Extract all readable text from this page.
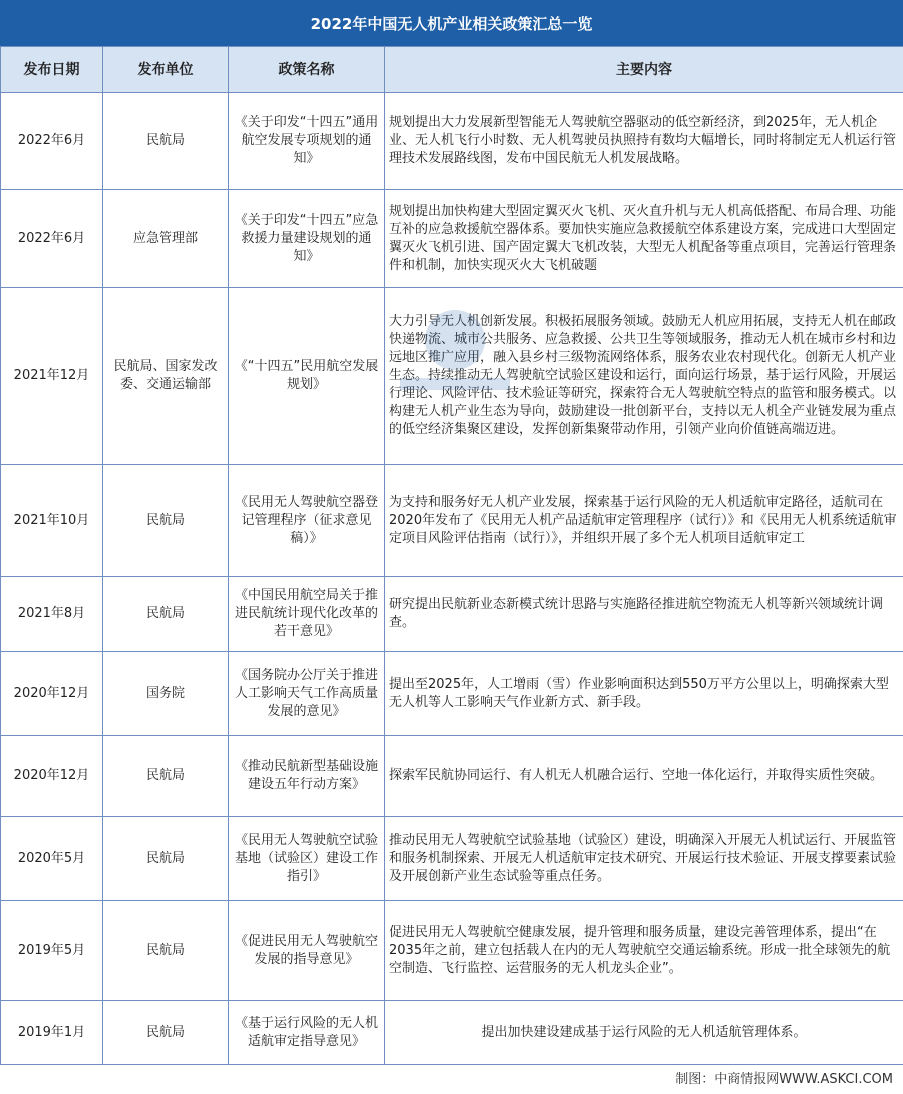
2022年中国无人机产业相关政策汇总一览
发布日期	发布单位	政策名称	主要内容
2022年6月	民航局	《关于印发“十四五”通用航空发展专项规划的通知》	规划提出大力发展新型智能无人驾驶航空器驱动的低空新经济，到2025年，无人机企业、无人机飞行小时数、无人机驾驶员执照持有数均大幅增长，同时将制定无人机运行管理技术发展路线图，发布中国民航无人机发展战略。
2022年6月	应急管理部	《关于印发“十四五”应急救援力量建设规划的通知》	规划提出加快构建大型固定翼灭火飞机、灭火直升机与无人机高低搭配、布局合理、功能互补的应急救援航空器体系。要加快实施应急救援航空体系建设方案，完成进口大型固定翼灭火飞机引进、国产固定翼大飞机改装，大型无人机配备等重点项目，完善运行管理条件和机制，加快实现灭火大飞机破题
2021年12月	民航局、国家发改委、交通运输部	《“十四五”民用航空发展规划》	大力引导无人机创新发展。积极拓展服务领域。鼓励无人机应用拓展，支持无人机在邮政快递物流、城市公共服务、应急救援、公共卫生等领域服务，推动无人机在城市乡村和边远地区推广应用，融入县乡村三级物流网络体系，服务农业农村现代化。创新无人机产业生态。持续推动无人驾驶航空试验区建设和运行，面向运行场景，基于运行风险，开展运行理论、风险评估、技术验证等研究，探索符合无人驾驶航空特点的监管和服务模式。以构建无人机产业生态为导向，鼓励建设一批创新平台，支持以无人机全产业链发展为重点的低空经济集聚区建设，发挥创新集聚带动作用，引领产业向价值链高端迈进。
2021年10月	民航局	《民用无人驾驶航空器登记管理程序（征求意见稿）》	为支持和服务好无人机产业发展，探索基于运行风险的无人机适航审定路径，适航司在2020年发布了《民用无人机产品适航审定管理程序（试行）》和《民用无人机系统适航审定项目风险评估指南（试行）》，并组织开展了多个无人机项目适航审定工
2021年8月	民航局	《中国民用航空局关于推进民航统计现代化改革的若干意见》	研究提出民航新业态新模式统计思路与实施路径推进航空物流无人机等新兴领域统计调查。
2020年12月	国务院	《国务院办公厅关于推进人工影响天气工作高质量发展的意见》	提出至2025年，人工增雨（雪）作业影响面积达到550万平方公里以上，明确探索大型无人机等人工影响天气作业新方式、新手段。
2020年12月	民航局	《推动民航新型基础设施建设五年行动方案》	探索军民航协同运行、有人机无人机融合运行、空地一体化运行，并取得实质性突破。
2020年5月	民航局	《民用无人驾驶航空试验基地（试验区）建设工作指引》	推动民用无人驾驶航空试验基地（试验区）建设，明确深入开展无人机试运行、开展监管和服务机制探索、开展无人机适航审定技术研究、开展运行技术验证、开展支撑要素试验及开展创新产业生态试验等重点任务。
2019年5月	民航局	《促进民用无人驾驶航空发展的指导意见》	促进民用无人驾驶航空健康发展，提升管理和服务质量，建设完善管理体系，提出“在2035年之前，建立包括载人在内的无人驾驶航空交通运输系统。形成一批全球领先的航空制造、飞行监控、运营服务的无人机龙头企业”。
2019年1月	民航局	《基于运行风险的无人机适航审定指导意见》	提出加快建设建成基于运行风险的无人机适航管理体系。
制图：中商情报网WWW.ASKCI.COM
